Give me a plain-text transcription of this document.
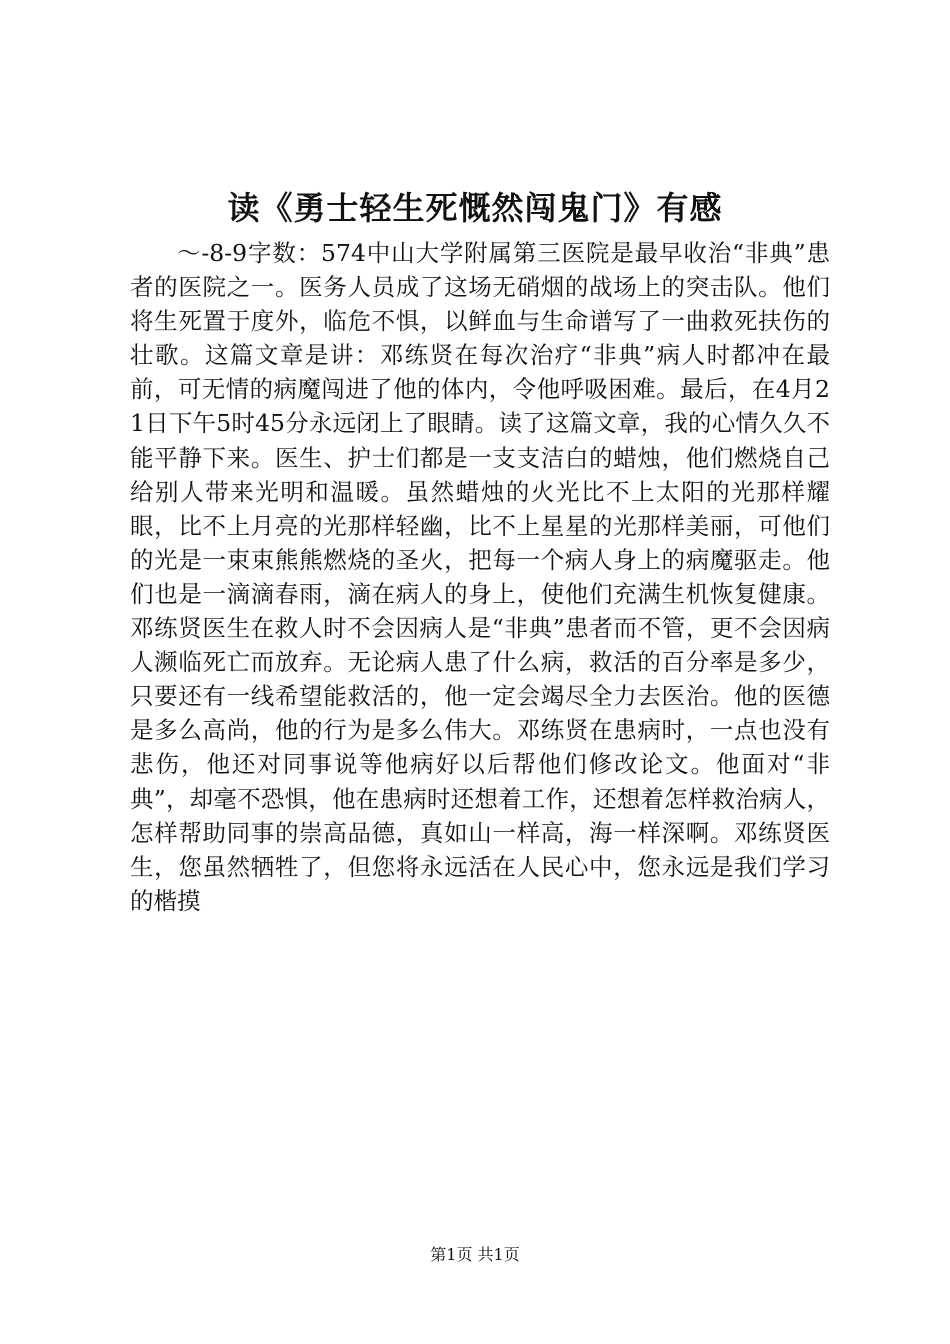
读《勇士轻生死慨然闯鬼门》有感

～-8-9字数：574中山大学附属第三医院是最早收治“非典”患者的医院之一。医务人员成了这场无硝烟的战场上的突击队。他们将生死置于度外，临危不惧，以鲜血与生命谱写了一曲救死扶伤的壮歌。这篇文章是讲：邓练贤在每次治疗“非典”病人时都冲在最前，可无情的病魔闯进了他的体内，令他呼吸困难。最后，在4月21日下午5时45分永远闭上了眼睛。读了这篇文章，我的心情久久不能平静下来。医生、护士们都是一支支洁白的蜡烛，他们燃烧自己给别人带来光明和温暖。虽然蜡烛的火光比不上太阳的光那样耀眼，比不上月亮的光那样轻幽，比不上星星的光那样美丽，可他们的光是一束束熊熊燃烧的圣火，把每一个病人身上的病魔驱走。他们也是一滴滴春雨，滴在病人的身上，使他们充满生机恢复健康。邓练贤医生在救人时不会因病人是“非典”患者而不管，更不会因病人濒临死亡而放弃。无论病人患了什么病，救活的百分率是多少，只要还有一线希望能救活的，他一定会竭尽全力去医治。他的医德是多么高尚，他的行为是多么伟大。邓练贤在患病时，一点也没有悲伤，他还对同事说等他病好以后帮他们修改论文。他面对“非典”，却毫不恐惧，他在患病时还想着工作，还想着怎样救治病人，怎样帮助同事的崇高品德，真如山一样高，海一样深啊。邓练贤医生，您虽然牺牲了，但您将永远活在人民心中，您永远是我们学习的楷摸

第1页 共1页
